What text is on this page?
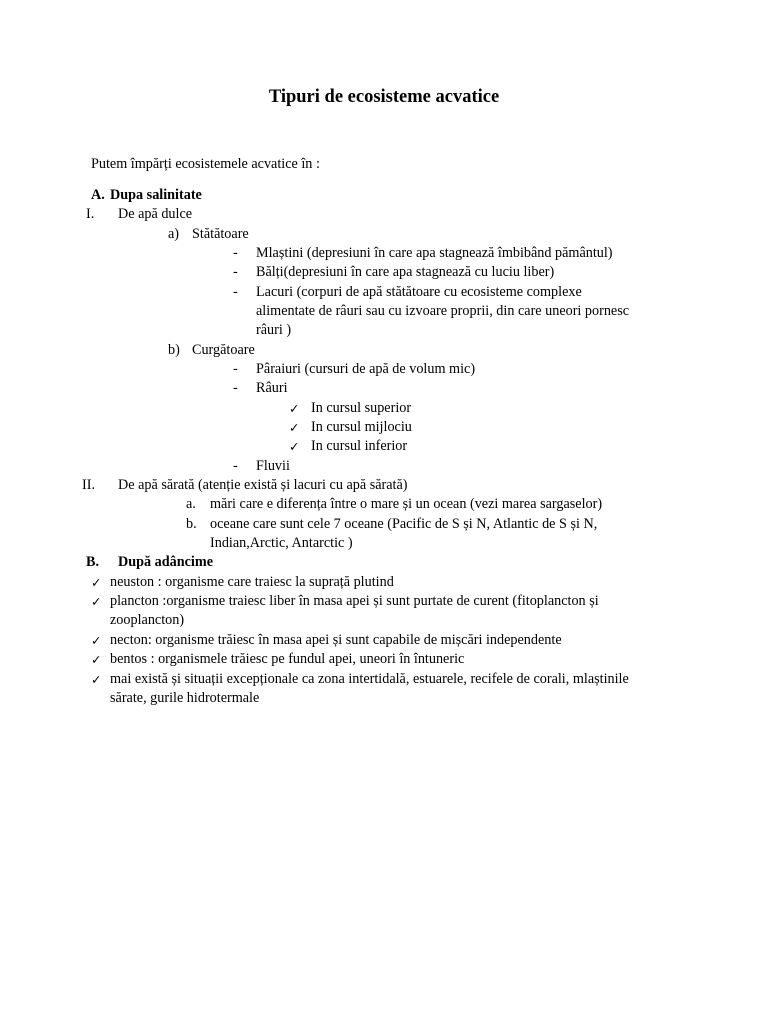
Tipuri de ecosisteme acvatice
Putem împărți ecosistemele acvatice în :
A. Dupa salinitate
I. De apă dulce
a) Stătătoare
- Mlaștini (depresiuni în care apa stagnează îmbibând pământul)
- Bălți(depresiuni în care apa stagnează cu luciu liber)
- Lacuri (corpuri de apă stătătoare cu ecosisteme complexe
alimentate de râuri sau cu izvoare proprii, din care uneori pornesc
râuri )
b) Curgătoare
- Pâraiuri (cursuri de apă de volum mic)
- Râuri
✓ In cursul superior
✓ In cursul mijlociu
✓ In cursul inferior
- Fluvii
II. De apă sărată (atenție există și lacuri cu apă sărată)
a. mări care e diferența între o mare și un ocean (vezi marea sargaselor)
b. oceane care sunt cele 7 oceane (Pacific de S și N, Atlantic de S și N,
Indian,Arctic, Antarctic )
B. După adâncime
✓ neuston : organisme care traiesc la suprață plutind
✓ plancton :organisme traiesc liber în masa apei și sunt purtate de curent (fitoplancton și
zooplancton)
✓ necton: organisme trăiesc în masa apei și sunt capabile de mișcări independente
✓ bentos : organismele trăiesc pe fundul apei, uneori în întuneric
✓ mai există și situații excepționale ca zona intertidală, estuarele, recifele de corali, mlaștinile
sărate, gurile hidrotermale
